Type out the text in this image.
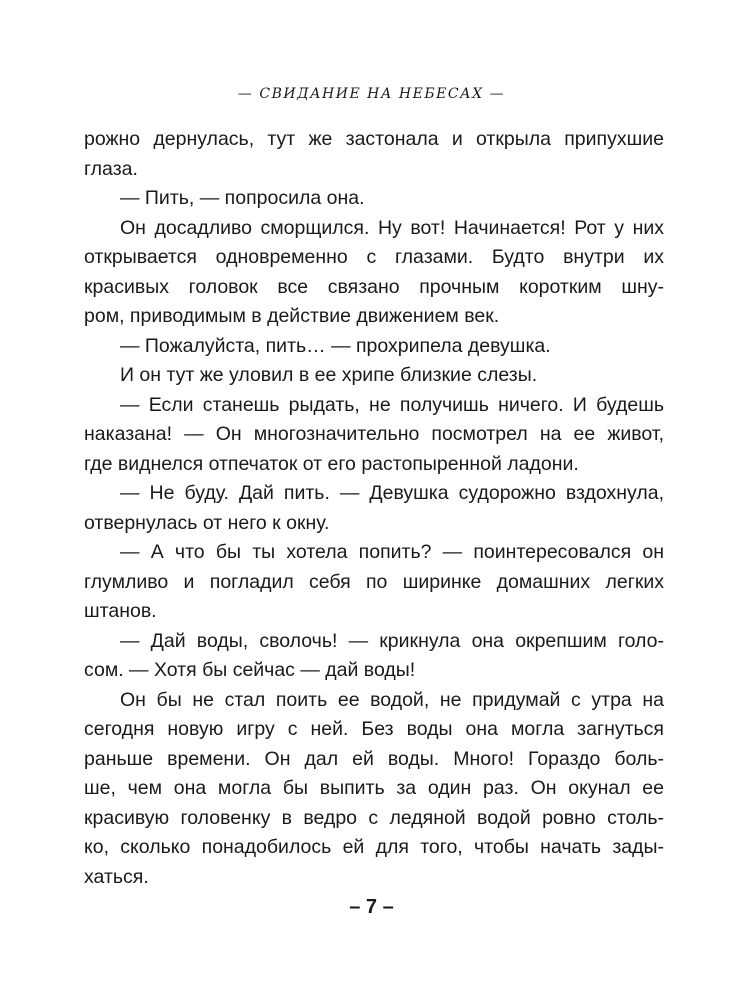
— СВИДАНИЕ НА НЕБЕСАХ —
рожно дернулась, тут же застонала и открыла припухшие
глаза.
— Пить, — попросила она.
Он досадливо сморщился. Ну вот! Начинается! Рот у них
открывается одновременно с глазами. Будто внутри их
красивых головок все связано прочным коротким шну-
ром, приводимым в действие движением век.
— Пожалуйста, пить… — прохрипела девушка.
И он тут же уловил в ее хрипе близкие слезы.
— Если станешь рыдать, не получишь ничего. И будешь
наказана! — Он многозначительно посмотрел на ее живот,
где виднелся отпечаток от его растопыренной ладони.
— Не буду. Дай пить. — Девушка судорожно вздохнула,
отвернулась от него к окну.
— А что бы ты хотела попить? — поинтересовался он
глумливо и погладил себя по ширинке домашних легких
штанов.
— Дай воды, сволочь! — крикнула она окрепшим голо-
сом. — Хотя бы сейчас — дай воды!
Он бы не стал поить ее водой, не придумай с утра на
сегодня новую игру с ней. Без воды она могла загнуться
раньше времени. Он дал ей воды. Много! Гораздо боль-
ше, чем она могла бы выпить за один раз. Он окунал ее
красивую головенку в ведро с ледяной водой ровно столь-
ко, сколько понадобилось ей для того, чтобы начать зады-
хаться.
– 7 –
